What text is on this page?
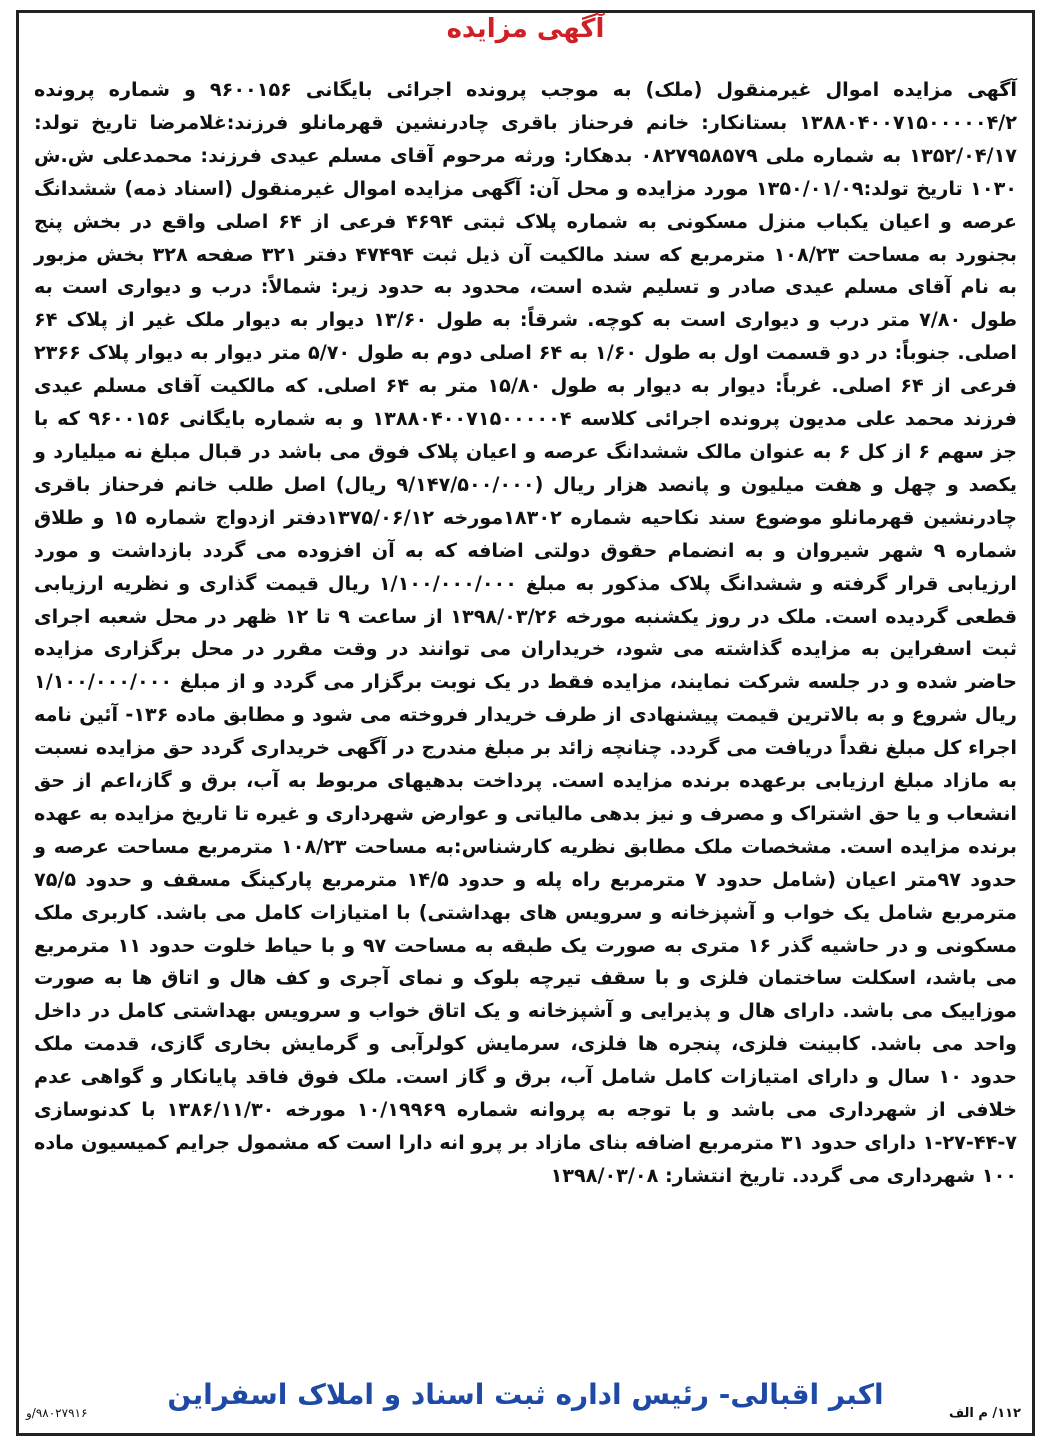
آگهی مزایده
آگهی مزایده اموال غیرمنقول (ملک) به موجب پرونده اجرائی بایگانی ۹۶۰۰۱۵۶ و شماره پرونده ۱۳۸۸۰۴۰۰۷۱۵۰۰۰۰۰۴/۲ بستانکار: خانم فرحناز باقری چادرنشین قهرمانلو فرزند:غلامرضا تاریخ تولد: ۱۳۵۲/۰۴/۱۷ به شماره ملی ۰۸۲۷۹۵۸۵۷۹ بدهکار: ورثه مرحوم آقای مسلم عیدی فرزند: محمدعلی ش.ش ۱۰۳۰ تاریخ تولد:۱۳۵۰/۰۱/۰۹ مورد مزایده و محل آن: آگهی مزایده اموال غیرمنقول (اسناد ذمه) ششدانگ عرصه و اعیان یکباب منزل مسکونی به شماره پلاک ثبتی ۴۶۹۴ فرعی از ۶۴ اصلی واقع در بخش پنج بجنورد به مساحت ۱۰۸/۲۳ مترمربع که سند مالکیت آن ذیل ثبت ۴۷۴۹۴ دفتر ۳۲۱ صفحه ۳۲۸ بخش مزبور به نام آقای مسلم عیدی صادر و تسلیم شده است، محدود به حدود زیر: شمالاً: درب و دیواری است به طول ۷/۸۰ متر درب و دیواری است به کوچه. شرقاً: به طول ۱۳/۶۰ دیوار به دیوار ملک غیر از پلاک ۶۴ اصلی. جنوباً: در دو قسمت اول به طول ۱/۶۰ به ۶۴ اصلی دوم به طول ۵/۷۰ متر دیوار به دیوار پلاک ۲۳۶۶ فرعی از ۶۴ اصلی. غرباً: دیوار به دیوار به طول ۱۵/۸۰ متر به ۶۴ اصلی. که مالکیت آقای مسلم عیدی فرزند محمد علی مدیون پرونده اجرائی کلاسه ۱۳۸۸۰۴۰۰۷۱۵۰۰۰۰۰۴ و به شماره بایگانی ۹۶۰۰۱۵۶ که با جز سهم ۶ از کل ۶ به عنوان مالک ششدانگ عرصه و اعیان پلاک فوق می باشد در قبال مبلغ نه میلیارد و یکصد و چهل و هفت میلیون و پانصد هزار ریال (۹/۱۴۷/۵۰۰/۰۰۰ ریال) اصل طلب خانم فرحناز باقری چادرنشین قهرمانلو موضوع سند نکاحیه شماره ۱۸۳۰۲مورخه ۱۳۷۵/۰۶/۱۲دفتر ازدواج شماره ۱۵ و طلاق شماره ۹ شهر شیروان و به انضمام حقوق دولتی اضافه که به آن افزوده می گردد بازداشت و مورد ارزیابی قرار گرفته و ششدانگ پلاک مذکور به مبلغ ۱/۱۰۰/۰۰۰/۰۰۰ ریال قیمت گذاری و نظریه ارزیابی قطعی گردیده است. ملک در روز یکشنبه مورخه ۱۳۹۸/۰۳/۲۶ از ساعت ۹ تا ۱۲ ظهر در محل شعبه اجرای ثبت اسفراین به مزایده گذاشته می شود، خریداران می توانند در وقت مقرر در محل برگزاری مزایده حاضر شده و در جلسه شرکت نمایند، مزایده فقط در یک نوبت برگزار می گردد و از مبلغ ۱/۱۰۰/۰۰۰/۰۰۰ ریال شروع و به بالاترین قیمت پیشنهادی از طرف خریدار فروخته می شود و مطابق ماده ۱۳۶- آئین نامه اجراء کل مبلغ نقداً دریافت می گردد. چنانچه زائد بر مبلغ مندرج در آگهی خریداری گردد حق مزایده نسبت به مازاد مبلغ ارزیابی برعهده برنده مزایده است. پرداخت بدهیهای مربوط به آب، برق و گاز،اعم از حق انشعاب و یا حق اشتراک و مصرف و نیز بدهی مالیاتی و عوارض شهرداری و غیره تا تاریخ مزایده به عهده برنده مزایده است. مشخصات ملک مطابق نظریه کارشناس:به مساحت ۱۰۸/۲۳ مترمربع مساحت عرصه و حدود ۹۷متر اعیان (شامل حدود ۷ مترمربع راه پله و حدود ۱۴/۵ مترمربع پارکینگ مسقف و حدود ۷۵/۵ مترمربع شامل یک خواب و آشپزخانه و سرویس های بهداشتی) با امتیازات کامل می باشد. کاربری ملک مسکونی و در حاشیه گذر ۱۶ متری به صورت یک طبقه به مساحت ۹۷ و با حیاط خلوت حدود ۱۱ مترمربع می باشد، اسکلت ساختمان فلزی و با سقف تیرچه بلوک و نمای آجری و کف هال و اتاق ها به صورت موزاییک می باشد. دارای هال و پذیرایی و آشپزخانه و یک اتاق خواب و سرویس بهداشتی کامل در داخل واحد می باشد. کابینت فلزی، پنجره ها فلزی، سرمایش کولرآبی و گرمایش بخاری گازی، قدمت ملک حدود ۱۰ سال و دارای امتیازات کامل شامل آب، برق و گاز است. ملک فوق فاقد پایانکار و گواهی عدم خلافی از شهرداری می باشد و با توجه به پروانه شماره ۱۰/۱۹۹۶۹ مورخه ۱۳۸۶/۱۱/۳۰ با کدنوسازی ۷-۴۴-۲۷-۱ دارای حدود ۳۱ مترمربع اضافه بنای مازاد بر پرو انه دارا است که مشمول جرایم کمیسیون ماده ۱۰۰ شهرداری می گردد. تاریخ انتشار: ۱۳۹۸/۰۳/۰۸
اکبر اقبالی- رئیس اداره ثبت اسناد و املاک اسفراین
۱۱۲/ م الف
۹۸۰۲۷۹۱۶/و
